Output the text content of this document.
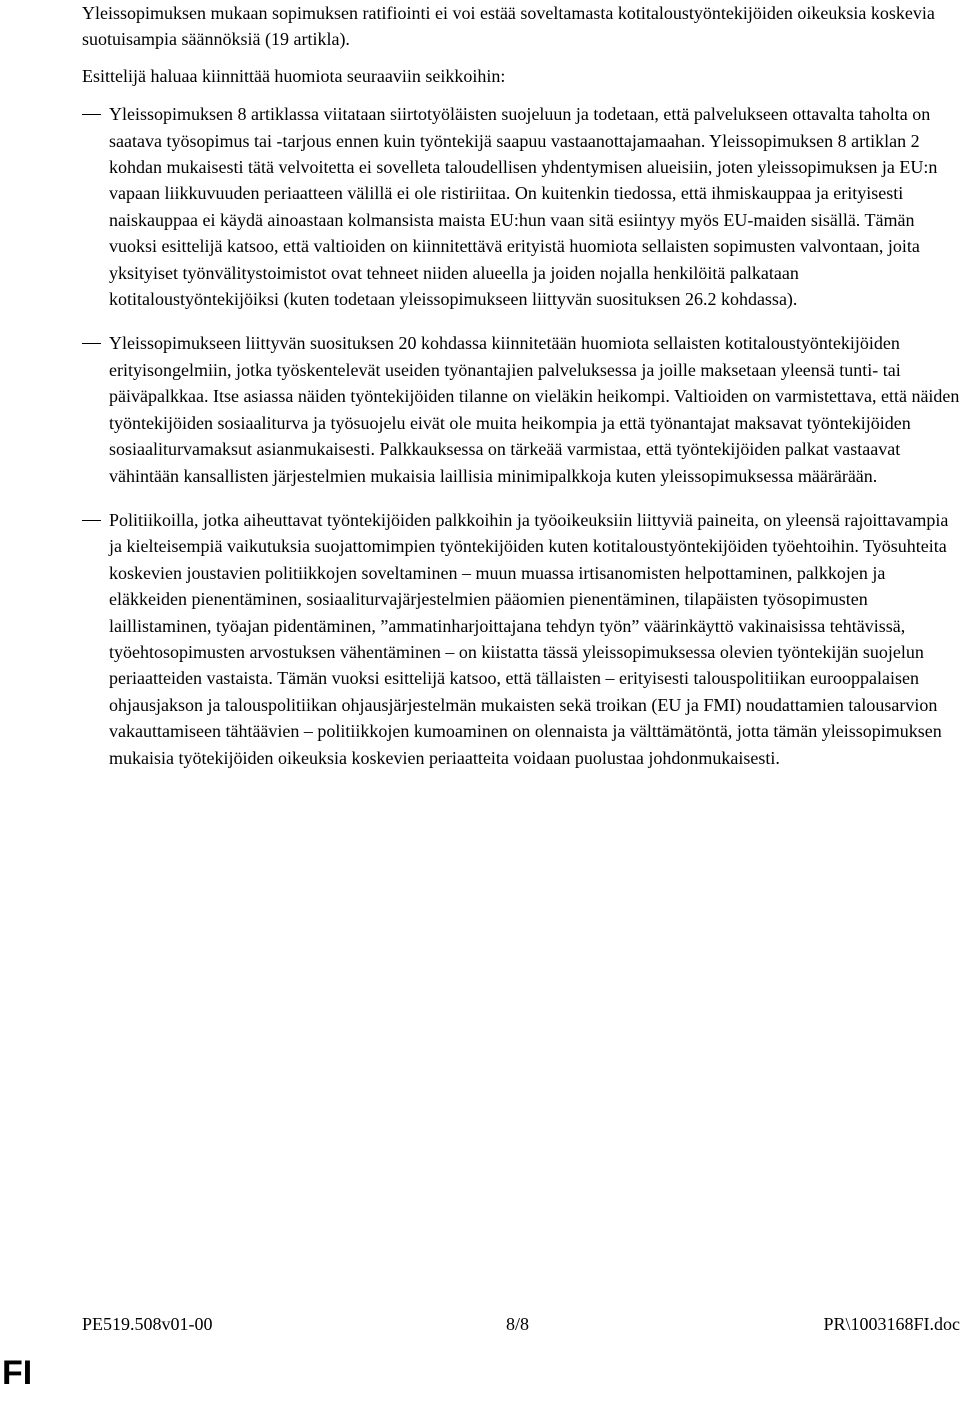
Yleissopimuksen mukaan sopimuksen ratifiointi ei voi estää soveltamasta kotitaloustyöntekijöiden oikeuksia koskevia suotuisampia säännöksiä (19 artikla).

Esittelijä haluaa kiinnittää huomiota seuraaviin seikkoihin:

Yleissopimuksen 8 artiklassa viitataan siirtotyöläisten suojeluun ja todetaan, että palvelukseen ottavalta taholta on saatava työsopimus tai -tarjous ennen kuin työntekijä saapuu vastaanottajamaahan. Yleissopimuksen 8 artiklan 2 kohdan mukaisesti tätä velvoitetta ei sovelleta taloudellisen yhdentymisen alueisiin, joten yleissopimuksen ja EU:n vapaan liikkuvuuden periaatteen välillä ei ole ristiriitaa. On kuitenkin tiedossa, että ihmiskauppaa ja erityisesti naiskauppaa ei käydä ainoastaan kolmansista maista EU:hun vaan sitä esiintyy myös EU-maiden sisällä. Tämän vuoksi esittelijä katsoo, että valtioiden on kiinnitettävä erityistä huomiota sellaisten sopimusten valvontaan, joita yksityiset työnvälitystoimistot ovat tehneet niiden alueella ja joiden nojalla henkilöitä palkataan kotitaloustyöntekijöiksi (kuten todetaan yleissopimukseen liittyvän suosituksen 26.2 kohdassa).
Yleissopimukseen liittyvän suosituksen 20 kohdassa kiinnitetään huomiota sellaisten kotitaloustyöntekijöiden erityisongelmiin, jotka työskentelevät useiden työnantajien palveluksessa ja joille maksetaan yleensä tunti- tai päiväpalkkaa. Itse asiassa näiden työntekijöiden tilanne on vieläkin heikompi. Valtioiden on varmistettava, että näiden työntekijöiden sosiaaliturva ja työsuojelu eivät ole muita heikompia ja että työnantajat maksavat työntekijöiden sosiaaliturvamaksut asianmukaisesti. Palkkauksessa on tärkeää varmistaa, että työntekijöiden palkat vastaavat vähintään kansallisten järjestelmien mukaisia laillisia minimipalkkoja kuten yleissopimuksessa määrärään.
Politiikoilla, jotka aiheuttavat työntekijöiden palkkoihin ja työoikeuksiin liittyviä paineita, on yleensä rajoittavampia ja kielteisempiä vaikutuksia suojattomimpien työntekijöiden kuten kotitaloustyöntekijöiden työehtoihin. Työsuhteita koskevien joustavien politiikkojen soveltaminen – muun muassa irtisanomisten helpottaminen, palkkojen ja eläkkeiden pienentäminen, sosiaaliturvajärjestelmien pääomien pienentäminen, tilapäisten työsopimusten laillistaminen, työajan pidentäminen, ”ammatinharjoittajana tehdyn työn” väärinkäyttö vakinaisissa tehtävissä, työehtosopimusten arvostuksen vähentäminen – on kiistatta tässä yleissopimuksessa olevien työntekijän suojelun periaatteiden vastaista. Tämän vuoksi esittelijä katsoo, että tällaisten – erityisesti talouspolitiikan eurooppalaisen ohjausjakson ja talouspolitiikan ohjausjärjestelmän mukaisten sekä troikan (EU ja FMI) noudattamien talousarvion vakauttamiseen tähtäävien – politiikkojen kumoaminen on olennaista ja välttämätöntä, jotta tämän yleissopimuksen mukaisia työtekijöiden oikeuksia koskevien periaatteita voidaan puolustaa johdonmukaisesti.
PE519.508v01-00	8/8	PR\1003168FI.doc
FI
